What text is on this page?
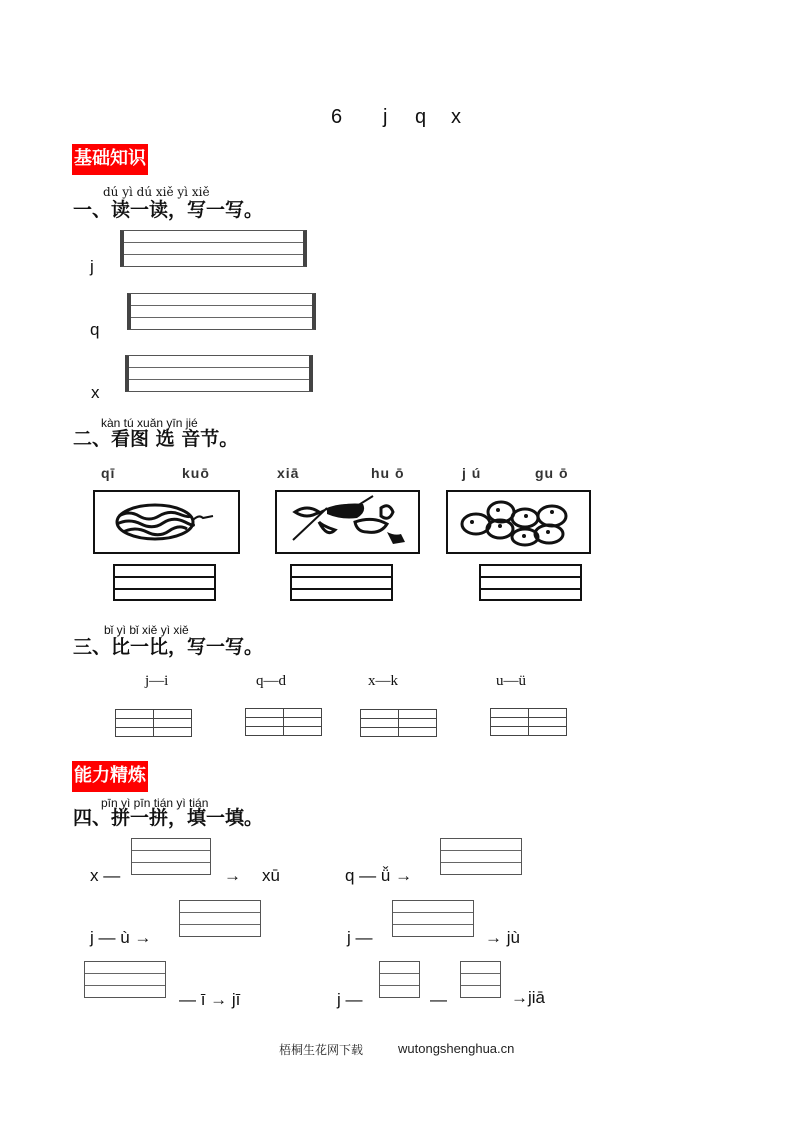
6 j q x
基础知识
dú yì dú xiě yì xiě
一、读一读，写一写。
j
q
x
kàn tú xuǎn yīn jié
二、看图 选 音节。
qī	kuō	xiā	hu ō	j ú	gu ō
bǐ yì bǐ xiě yì xiě
三、比一比，写一写。
j—i	q—d	x—k	u—ü

能力精炼
pīn yì pīn tián yì tián
四、拼一拼，填一填。
x —	→ xū	q — ǚ →
j — ù →	j —	→ jù
— ī → jī	j —	—	→jiā
梧桐生花网下载	wutongshenghua.cn
